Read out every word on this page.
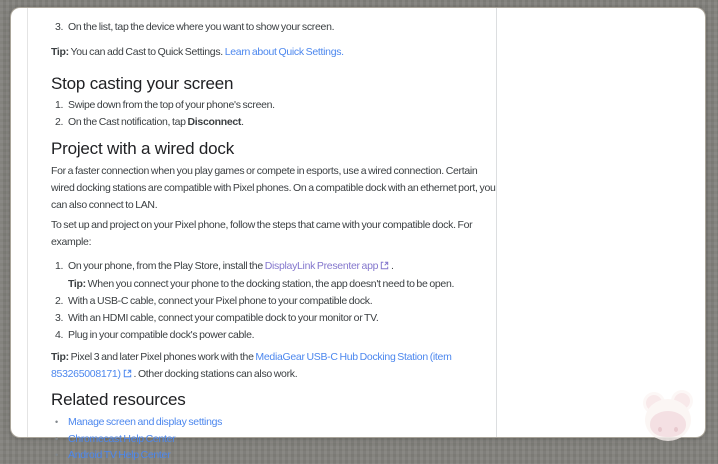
3. On the list, tap the device where you want to show your screen.

Tip: You can add Cast to Quick Settings. Learn about Quick Settings.

Stop casting your screen
1. Swipe down from the top of your phone's screen.
2. On the Cast notification, tap Disconnect.
Project with a wired dock

For a faster connection when you play games or compete in esports, use a wired connection. Certain wired docking stations are compatible with Pixel phones. On a compatible dock with an ethernet port, you can also connect to LAN.

To set up and project on your Pixel phone, follow the steps that came with your compatible dock. For example:

1. On your phone, from the Play Store, install the DisplayLink Presenter app .
Tip: When you connect your phone to the docking station, the app doesn't need to be open.
2. With a USB-C cable, connect your Pixel phone to your compatible dock.
3. With an HDMI cable, connect your compatible dock to your monitor or TV.
4. Plug in your compatible dock's power cable.

Tip: Pixel 3 and later Pixel phones work with the MediaGear USB-C Hub Docking Station (item 853265008171) . Other docking stations can also work.

Related resources
• Manage screen and display settings
• Chromecast Help Center
• Android TV Help Center
